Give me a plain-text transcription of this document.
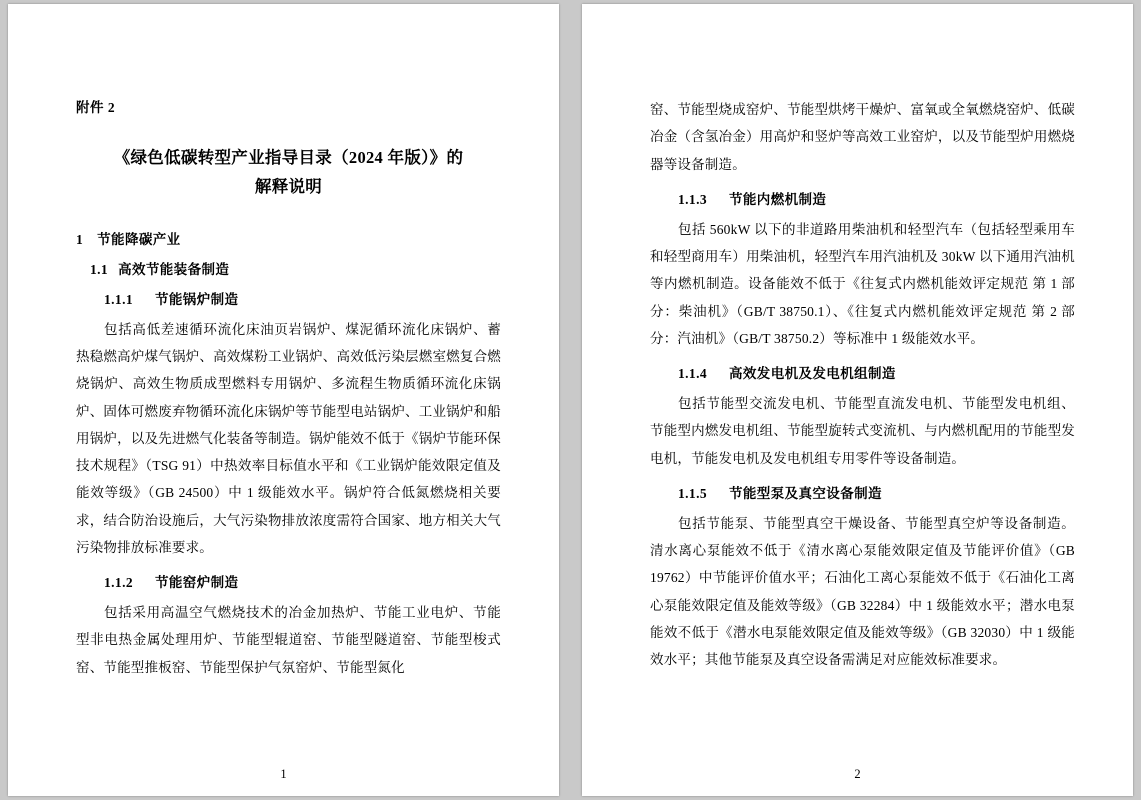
附件 2
《绿色低碳转型产业指导目录（2024 年版）》的
解释说明
1 节能降碳产业
1.1 高效节能装备制造
1.1.1 节能锅炉制造

包括高低差速循环流化床油页岩锅炉、煤泥循环流化床锅炉、蓄热稳燃高炉煤气锅炉、高效煤粉工业锅炉、高效低污染层燃室燃复合燃烧锅炉、高效生物质成型燃料专用锅炉、多流程生物质循环流化床锅炉、固体可燃废弃物循环流化床锅炉等节能型电站锅炉、工业锅炉和船用锅炉，以及先进燃气化装备等制造。锅炉能效不低于《锅炉节能环保技术规程》（TSG 91）中热效率目标值水平和《工业锅炉能效限定值及能效等级》（GB 24500）中 1 级能效水平。锅炉符合低氮燃烧相关要求，结合防治设施后，大气污染物排放浓度需符合国家、地方相关大气污染物排放标准要求。

1.1.2 节能窑炉制造

包括采用高温空气燃烧技术的冶金加热炉、节能工业电炉、节能型非电热金属处理用炉、节能型辊道窑、节能型隧道窑、节能型梭式窑、节能型推板窑、节能型保护气氛窑炉、节能型氮化

1

窑、节能型烧成窑炉、节能型烘烤干燥炉、富氧或全氧燃烧窑炉、低碳冶金（含氢冶金）用高炉和竖炉等高效工业窑炉，以及节能型炉用燃烧器等设备制造。

1.1.3 节能内燃机制造

包括 560kW 以下的非道路用柴油机和轻型汽车（包括轻型乘用车和轻型商用车）用柴油机，轻型汽车用汽油机及 30kW 以下通用汽油机等内燃机制造。设备能效不低于《往复式内燃机能效评定规范 第 1 部分：柴油机》（GB/T 38750.1）、《往复式内燃机能效评定规范 第 2 部分：汽油机》（GB/T 38750.2）等标准中 1 级能效水平。

1.1.4 高效发电机及发电机组制造

包括节能型交流发电机、节能型直流发电机、节能型发电机组、节能型内燃发电机组、节能型旋转式变流机、与内燃机配用的节能型发电机，节能发电机及发电机组专用零件等设备制造。

1.1.5 节能型泵及真空设备制造

包括节能泵、节能型真空干燥设备、节能型真空炉等设备制造。清水离心泵能效不低于《清水离心泵能效限定值及节能评价值》（GB 19762）中节能评价值水平；石油化工离心泵能效不低于《石油化工离心泵能效限定值及能效等级》（GB 32284）中 1 级能效水平；潜水电泵能效不低于《潜水电泵能效限定值及能效等级》（GB 32030）中 1 级能效水平；其他节能泵及真空设备需满足对应能效标准要求。

2
